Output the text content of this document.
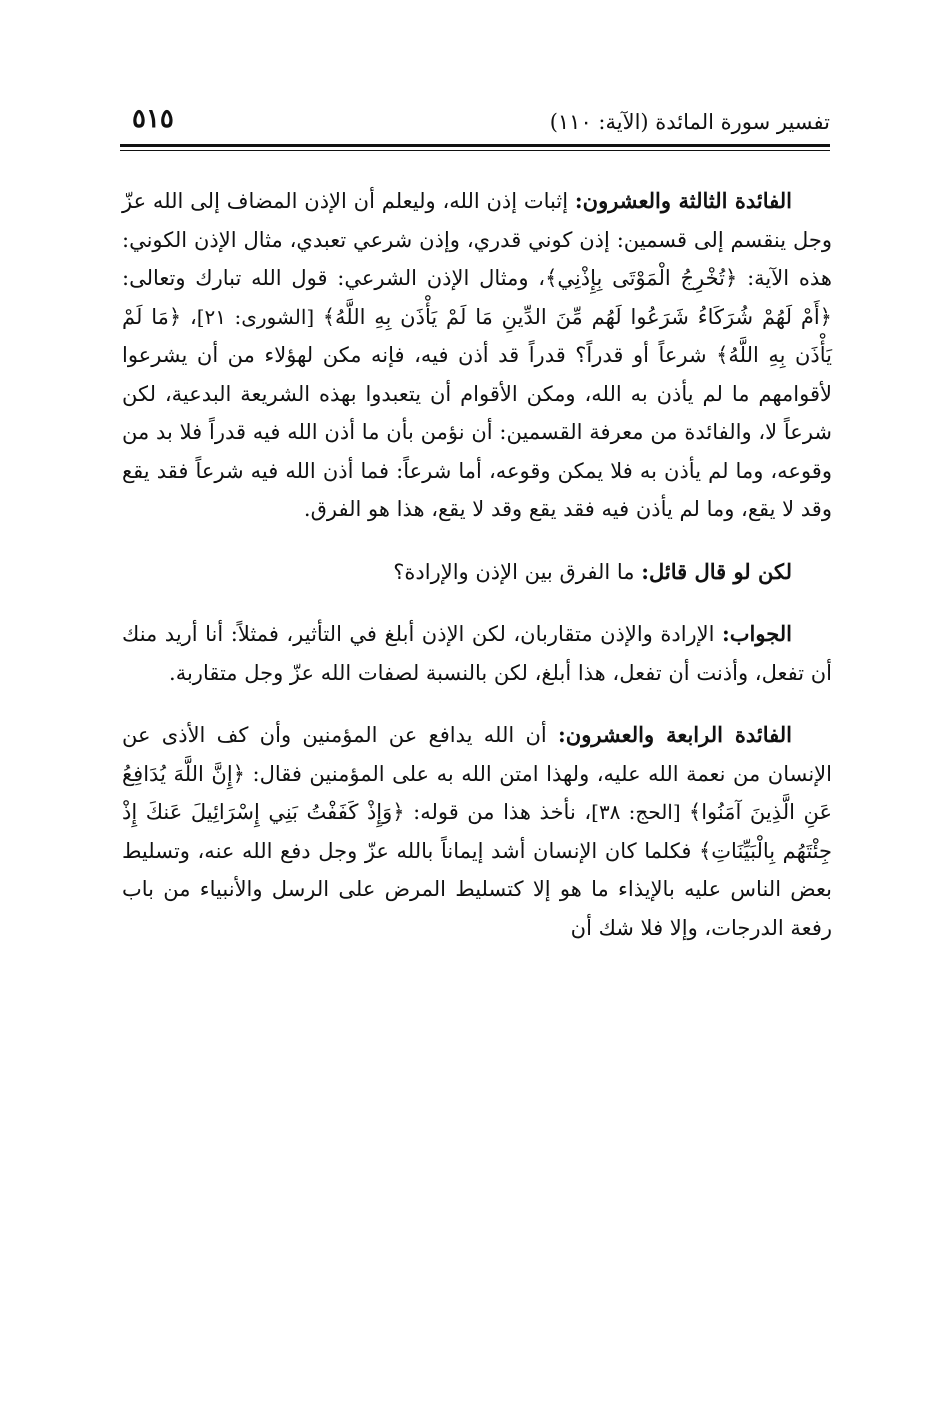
تفسير سورة المائدة (الآية: ١١٠)
٥١٥

الفائدة الثالثة والعشرون: إثبات إذن الله، وليعلم أن الإذن المضاف إلى الله عزّ وجل ينقسم إلى قسمين: إذن كوني قدري، وإذن شرعي تعبدي، مثال الإذن الكوني: هذه الآية: ﴿تُخْرِجُ الْمَوْتَى بِإِذْنِي﴾، ومثال الإذن الشرعي: قول الله تبارك وتعالى: ﴿أَمْ لَهُمْ شُرَكَاءُ شَرَعُوا لَهُم مِّنَ الدِّينِ مَا لَمْ يَأْذَن بِهِ اللَّهُ﴾ [الشورى: ٢١]، ﴿مَا لَمْ يَأْذَن بِهِ اللَّهُ﴾ شرعاً أو قدراً؟ قدراً قد أذن فيه، فإنه مكن لهؤلاء من أن يشرعوا لأقوامهم ما لم يأذن به الله، ومكن الأقوام أن يتعبدوا بهذه الشريعة البدعية، لكن شرعاً لا، والفائدة من معرفة القسمين: أن نؤمن بأن ما أذن الله فيه قدراً فلا بد من وقوعه، وما لم يأذن به فلا يمكن وقوعه، أما شرعاً: فما أذن الله فيه شرعاً فقد يقع وقد لا يقع، وما لم يأذن فيه فقد يقع وقد لا يقع، هذا هو الفرق.

لكن لو قال قائل: ما الفرق بين الإذن والإرادة؟

الجواب: الإرادة والإذن متقاربان، لكن الإذن أبلغ في التأثير، فمثلاً: أنا أريد منك أن تفعل، وأذنت أن تفعل، هذا أبلغ، لكن بالنسبة لصفات الله عزّ وجل متقاربة.

الفائدة الرابعة والعشرون: أن الله يدافع عن المؤمنين وأن كف الأذى عن الإنسان من نعمة الله عليه، ولهذا امتن الله به على المؤمنين فقال: ﴿إِنَّ اللَّهَ يُدَافِعُ عَنِ الَّذِينَ آمَنُوا﴾ [الحج: ٣٨]، نأخذ هذا من قوله: ﴿وَإِذْ كَفَفْتُ بَنِي إِسْرَائِيلَ عَنكَ إِذْ جِئْتَهُم بِالْبَيِّنَاتِ﴾ فكلما كان الإنسان أشد إيماناً بالله عزّ وجل دفع الله عنه، وتسليط بعض الناس عليه بالإيذاء ما هو إلا كتسليط المرض على الرسل والأنبياء من باب رفعة الدرجات، وإلا فلا شك أن
